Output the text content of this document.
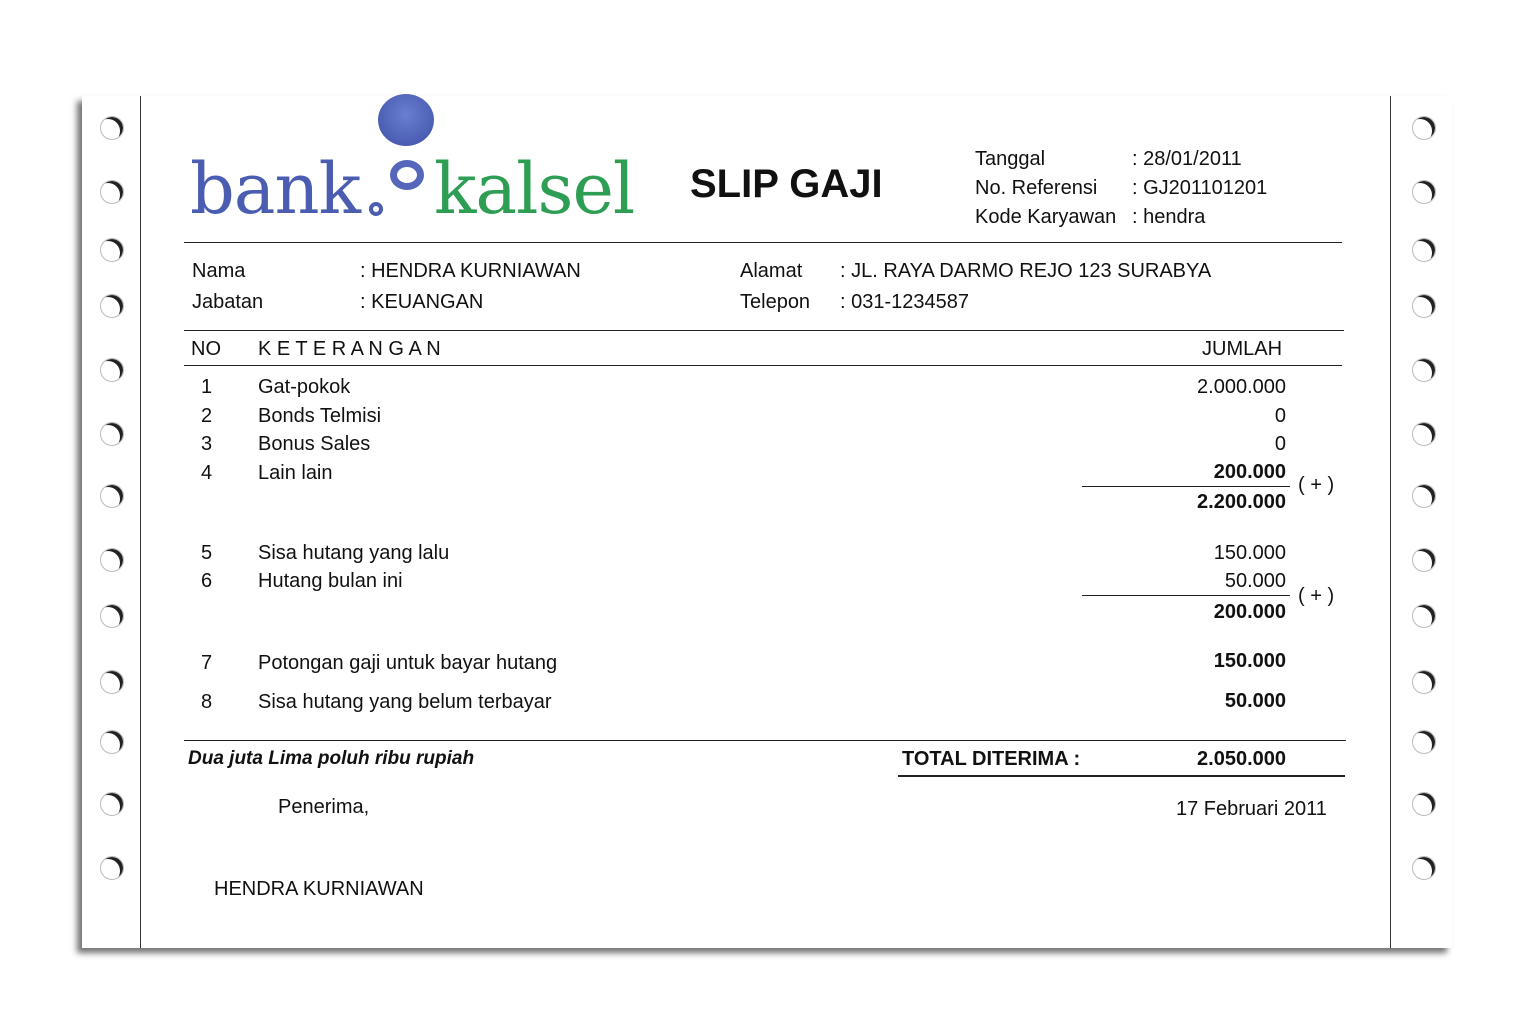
bank kalsel SLIP GAJI
Tanggal	: 28/01/2011
No. Referensi : GJ201101201
Kode Karyawan : hendra
Nama	: HENDRA KURNIAWAN
Jabatan	: KEUANGAN
Alamat : JL. RAYA DARMO REJO 123 SURABYA
Telepon : 031-1234587
NO K E T E R A N G A N	JUMLAH
1 Gat-pokok	2.000.000
2 Bonds Telmisi	0
3 Bonus Sales	0
4 Lain lain	200.000
( + )
2.200.000
5 Sisa hutang yang lalu	150.000
6 Hutang bulan ini	50.000
( + )
200.000
7 Potongan gaji untuk bayar hutang	150.000
8 Sisa hutang yang belum terbayar	50.000
Dua juta Lima poluh ribu rupiah	TOTAL DITERIMA :	2.050.000
Penerima,	17 Februari 2011
HENDRA KURNIAWAN
